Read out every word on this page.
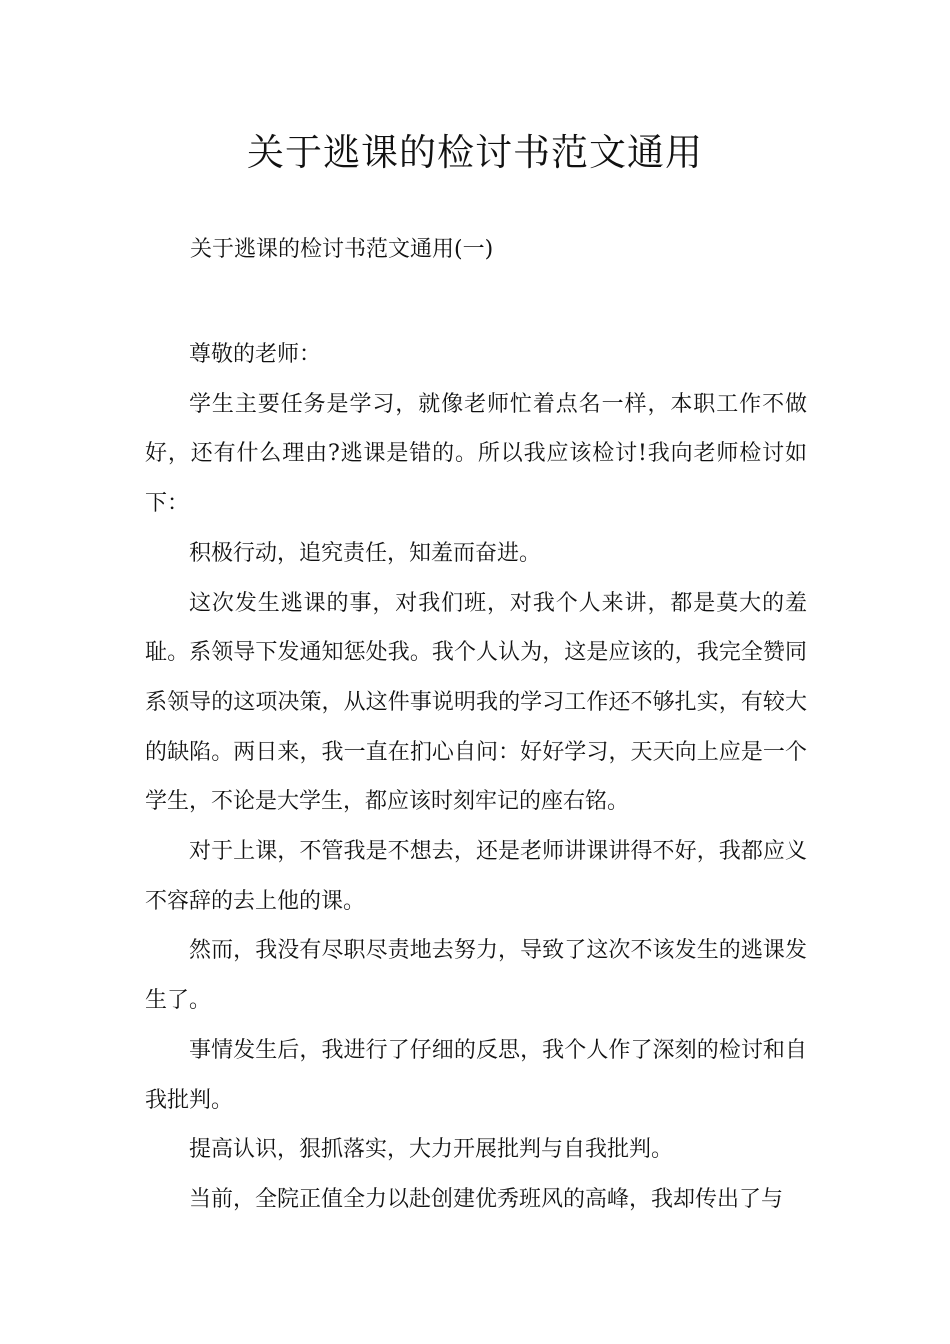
关于逃课的检讨书范文通用
关于逃课的检讨书范文通用(一)

尊敬的老师：

学生主要任务是学习，就像老师忙着点名一样，本职工作不做好，还有什么理由?逃课是错的。所以我应该检讨!我向老师检讨如下：

积极行动，追究责任，知羞而奋进。

这次发生逃课的事，对我们班，对我个人来讲，都是莫大的羞耻。系领导下发通知惩处我。我个人认为，这是应该的，我完全赞同系领导的这项决策，从这件事说明我的学习工作还不够扎实，有较大的缺陷。两日来，我一直在扪心自问：好好学习，天天向上应是一个学生，不论是大学生，都应该时刻牢记的座右铭。

对于上课，不管我是不想去，还是老师讲课讲得不好，我都应义不容辞的去上他的课。

然而，我没有尽职尽责地去努力，导致了这次不该发生的逃课发生了。

事情发生后，我进行了仔细的反思，我个人作了深刻的检讨和自我批判。

提高认识，狠抓落实，大力开展批判与自我批判。

当前，全院正值全力以赴创建优秀班风的高峰，我却传出了与
